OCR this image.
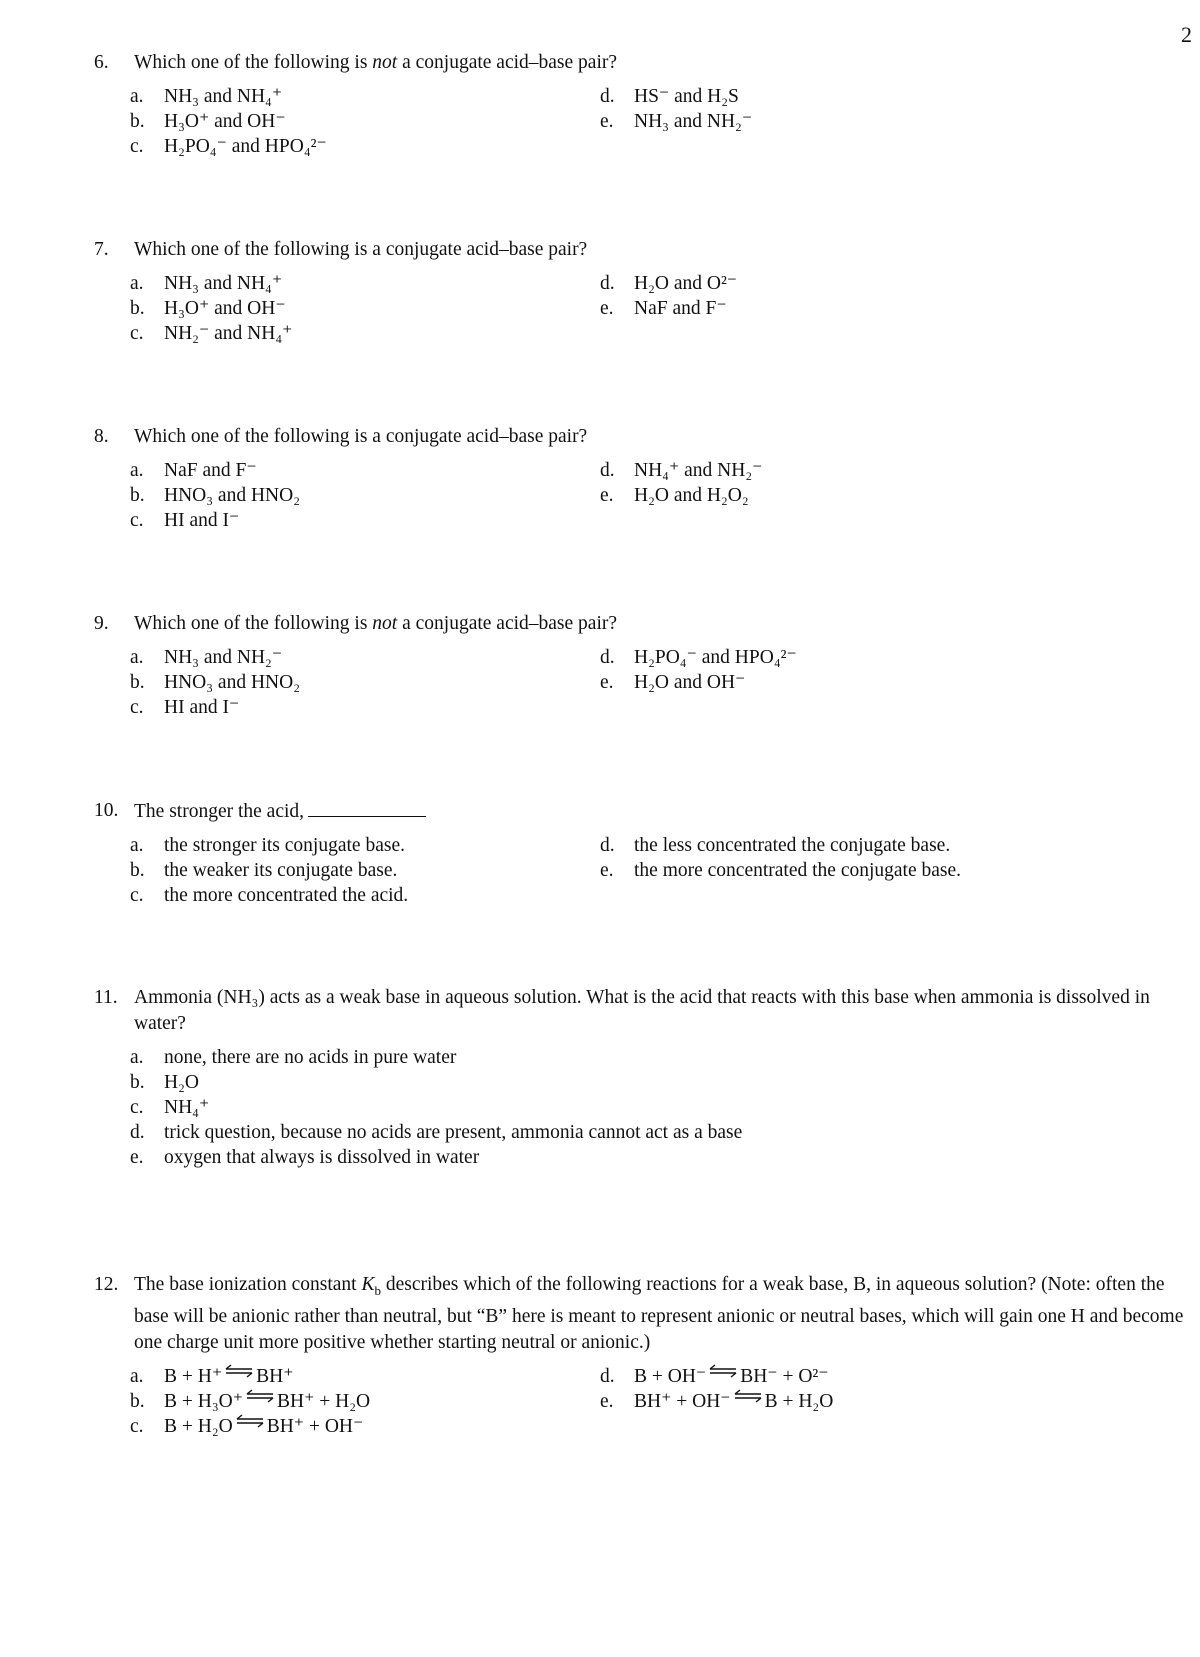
2
6.	Which one of the following is not a conjugate acid–base pair?
a.	NH₃ and NH₄⁺
b. H₃O⁺ and OH⁻
c.	H₂PO₄⁻ and HPO₄²⁻
d. HS⁻ and H₂S
e.	NH₃ and NH₂⁻
7.	Which one of the following is a conjugate acid–base pair?
a.	NH₃ and NH₄⁺
b. H₃O⁺ and OH⁻
c.	NH₂⁻ and NH₄⁺
d. H₂O and O²⁻
e.	NaF and F⁻
8.	Which one of the following is a conjugate acid–base pair?
a.	NaF and F⁻
b. HNO₃ and HNO₂
c.	HI and I⁻
d. NH₄⁺ and NH₂⁻
e.	H₂O and H₂O₂
9.	Which one of the following is not a conjugate acid–base pair?
a.	NH₃ and NH₂⁻
b. HNO₃ and HNO₂
c.	HI and I⁻
d. H₂PO₄⁻ and HPO₄²⁻
e.	H₂O and OH⁻
10. The stronger the acid,
a.	the stronger its conjugate base.
b. the weaker its conjugate base.
c.	the more concentrated the acid.
d. the less concentrated the conjugate base.
e.	the more concentrated the conjugate base.
11. Ammonia (NH₃) acts as a weak base in aqueous solution. What is the acid that reacts with this base when ammonia is dissolved in water?
a.	none, there are no acids in pure water
b. H₂O
c.	NH₄⁺
d. trick question, because no acids are present, ammonia cannot act as a base
e.	oxygen that always is dissolved in water
12. The base ionization constant $K_b$ describes which of the following reactions for a weak base, B, in aqueous solution? (Note: often the base will be anionic rather than neutral, but “B” here is meant to represent anionic or neutral bases, which will gain one H and become one charge unit more positive whether starting neutral or anionic.)
a.	B + H⁺ ⇌ BH⁺
b. B + H₃O⁺ ⇌ BH⁺ + H₂O
c.	B + H₂O ⇌ BH⁺ + OH⁻
d. B + OH⁻ ⇌ BH⁻ + O²⁻
e.	BH⁺ + OH⁻ ⇌ B + H₂O
